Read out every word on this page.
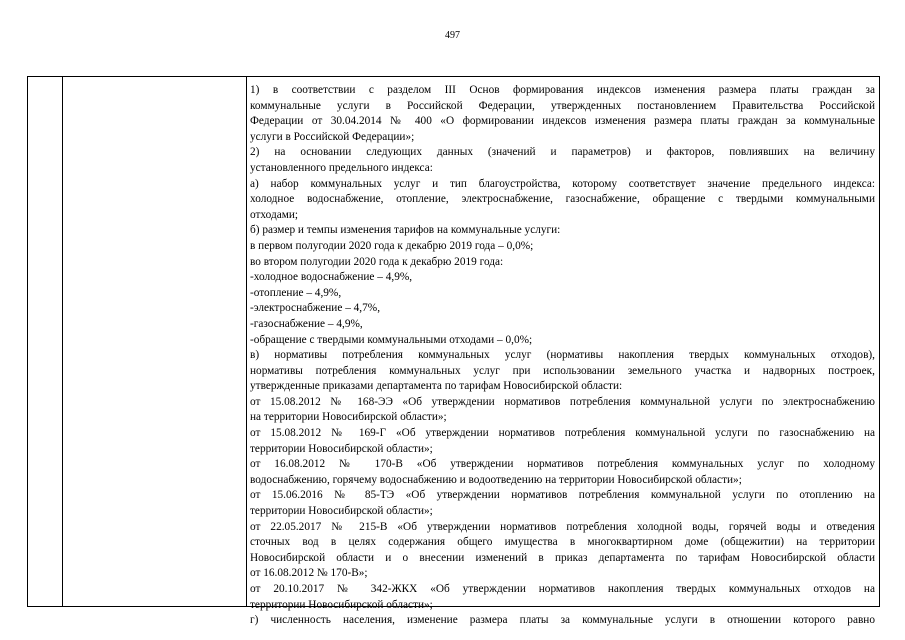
497
1) в соответствии с разделом III Основ формирования индексов изменения размера платы граждан за
коммунальные услуги в Российской Федерации, утвержденных постановлением Правительства Российской
Федерации от 30.04.2014 № 400 «О формировании индексов изменения размера платы граждан за коммунальные
услуги в Российской Федерации»;
2) на основании следующих данных (значений и параметров) и факторов, повлиявших на величину
установленного предельного индекса:
а) набор коммунальных услуг и тип благоустройства, которому соответствует значение предельного индекса:
холодное водоснабжение, отопление, электроснабжение, газоснабжение, обращение с твердыми коммунальными
отходами;
б) размер и темпы изменения тарифов на коммунальные услуги:
в первом полугодии 2020 года к декабрю 2019 года – 0,0%;
во втором полугодии 2020 года к декабрю 2019 года:
-холодное водоснабжение – 4,9%,
-отопление – 4,9%,
-электроснабжение – 4,7%,
-газоснабжение – 4,9%,
-обращение с твердыми коммунальными отходами – 0,0%;
в) нормативы потребления коммунальных услуг (нормативы накопления твердых коммунальных отходов),
нормативы потребления коммунальных услуг при использовании земельного участка и надворных построек,
утвержденные приказами департамента по тарифам Новосибирской области:
от 15.08.2012 № 168-ЭЭ «Об утверждении нормативов потребления коммунальной услуги по электроснабжению
на территории Новосибирской области»;
от 15.08.2012 № 169-Г «Об утверждении нормативов потребления коммунальной услуги по газоснабжению на
территории Новосибирской области»;
от 16.08.2012 № 170-В «Об утверждении нормативов потребления коммунальных услуг по холодному
водоснабжению, горячему водоснабжению и водоотведению на территории Новосибирской области»;
от 15.06.2016 № 85-ТЭ «Об утверждении нормативов потребления коммунальной услуги по отоплению на
территории Новосибирской области»;
от 22.05.2017 № 215-В «Об утверждении нормативов потребления холодной воды, горячей воды и отведения
сточных вод в целях содержания общего имущества в многоквартирном доме (общежитии) на территории
Новосибирской области и о внесении изменений в приказ департамента по тарифам Новосибирской области
от 16.08.2012 № 170-В»;
от 20.10.2017 № 342-ЖКХ «Об утверждении нормативов накопления твердых коммунальных отходов на
территории Новосибирской области»;
г) численность населения, изменение размера платы за коммунальные услуги в отношении которого равно
